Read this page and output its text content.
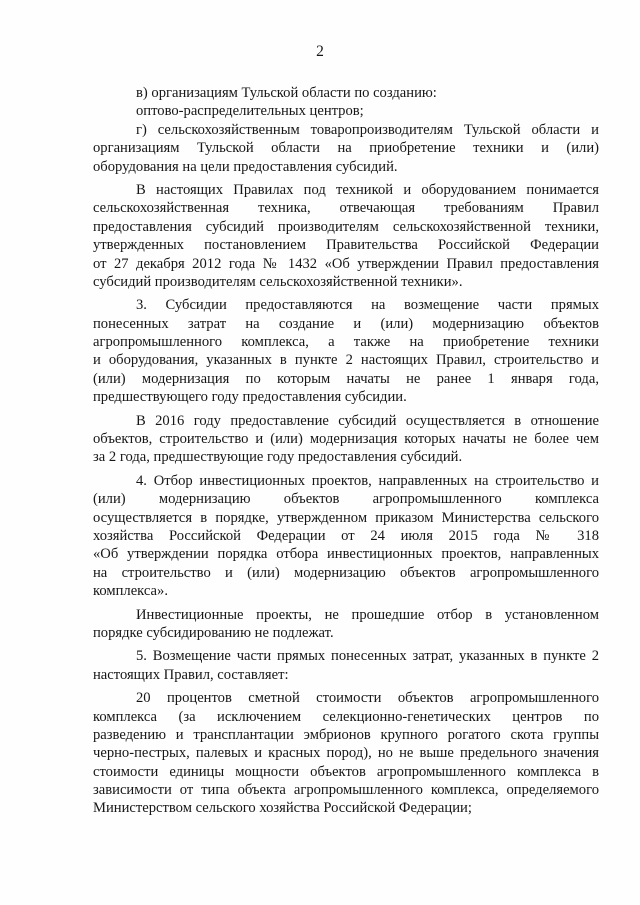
2
в) организациям Тульской области по созданию:
оптово-распределительных центров;
г) сельскохозяйственным товаропроизводителям Тульской области и
организациям Тульской области на приобретение техники и (или)
оборудования на цели предоставления субсидий.
В настоящих Правилах под техникой и оборудованием понимается
сельскохозяйственная техника, отвечающая требованиям Правил
предоставления субсидий производителям сельскохозяйственной техники,
утвержденных постановлением Правительства Российской Федерации
от 27 декабря 2012 года № 1432 «Об утверждении Правил предоставления
субсидий производителям сельскохозяйственной техники».
3. Субсидии предоставляются на возмещение части прямых
понесенных затрат на создание и (или) модернизацию объектов
агропромышленного комплекса, а также на приобретение техники
и оборудования, указанных в пункте 2 настоящих Правил, строительство и
(или) модернизация по которым начаты не ранее 1 января года,
предшествующего году предоставления субсидии.
В 2016 году предоставление субсидий осуществляется в отношение
объектов, строительство и (или) модернизация которых начаты не более чем
за 2 года, предшествующие году предоставления субсидий.
4. Отбор инвестиционных проектов, направленных на строительство и
(или) модернизацию объектов агропромышленного комплекса
осуществляется в порядке, утвержденном приказом Министерства сельского
хозяйства Российской Федерации от 24 июля 2015 года № 318
«Об утверждении порядка отбора инвестиционных проектов, направленных
на строительство и (или) модернизацию объектов агропромышленного
комплекса».
Инвестиционные проекты, не прошедшие отбор в установленном
порядке субсидированию не подлежат.
5. Возмещение части прямых понесенных затрат, указанных в пункте 2
настоящих Правил, составляет:
20 процентов сметной стоимости объектов агропромышленного
комплекса (за исключением селекционно-генетических центров по
разведению и трансплантации эмбрионов крупного рогатого скота группы
черно-пестрых, палевых и красных пород), но не выше предельного значения
стоимости единицы мощности объектов агропромышленного комплекса в
зависимости от типа объекта агропромышленного комплекса, определяемого
Министерством сельского хозяйства Российской Федерации;
